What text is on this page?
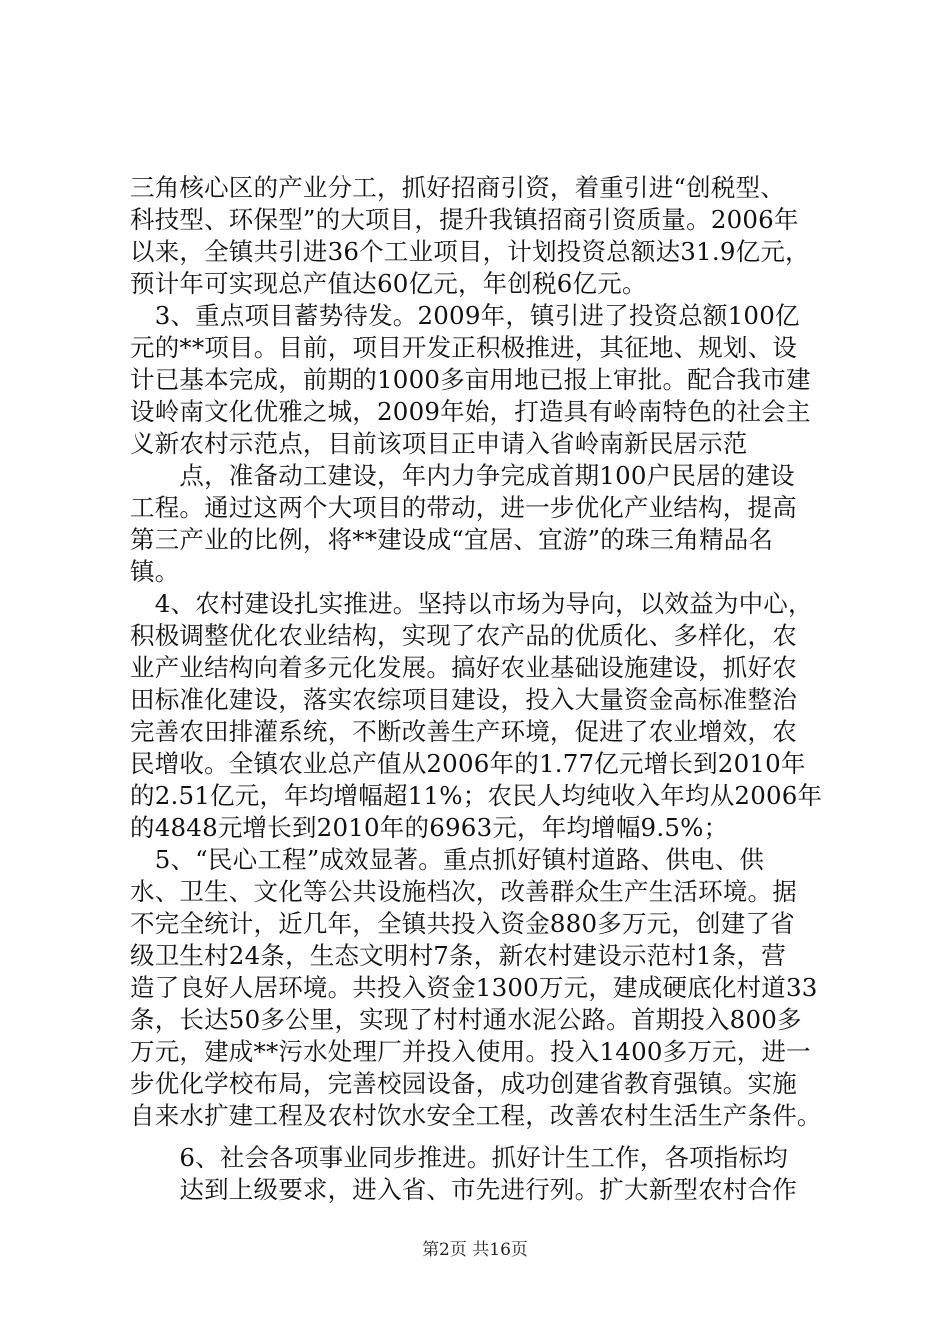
三角核心区的产业分工，抓好招商引资，着重引进“创税型、
科技型、环保型”的大项目，提升我镇招商引资质量。2006年
以来，全镇共引进36个工业项目，计划投资总额达31.9亿元，
预计年可实现总产值达60亿元，年创税6亿元。
　3、重点项目蓄势待发。2009年，镇引进了投资总额100亿
元的**项目。目前，项目开发正积极推进，其征地、规划、设
计已基本完成，前期的1000多亩用地已报上审批。配合我市建
设岭南文化优雅之城，2009年始，打造具有岭南特色的社会主
义新农村示范点，目前该项目正申请入省岭南新民居示范
　　点，准备动工建设，年内力争完成首期100户民居的建设
工程。通过这两个大项目的带动，进一步优化产业结构，提高
第三产业的比例，将**建设成“宜居、宜游”的珠三角精品名
镇。
　4、农村建设扎实推进。坚持以市场为导向，以效益为中心，
积极调整优化农业结构，实现了农产品的优质化、多样化，农
业产业结构向着多元化发展。搞好农业基础设施建设，抓好农
田标准化建设，落实农综项目建设，投入大量资金高标准整治
完善农田排灌系统，不断改善生产环境，促进了农业增效，农
民增收。全镇农业总产值从2006年的1.77亿元增长到2010年
的2.51亿元，年均增幅超11%；农民人均纯收入年均从2006年
的4848元增长到2010年的6963元，年均增幅9.5%；
　5、“民心工程”成效显著。重点抓好镇村道路、供电、供
水、卫生、文化等公共设施档次，改善群众生产生活环境。据
不完全统计，近几年，全镇共投入资金880多万元，创建了省
级卫生村24条，生态文明村7条，新农村建设示范村1条，营
造了良好人居环境。共投入资金1300万元，建成硬底化村道33
条，长达50多公里，实现了村村通水泥公路。首期投入800多
万元，建成**污水处理厂并投入使用。投入1400多万元，进一
步优化学校布局，完善校园设备，成功创建省教育强镇。实施
自来水扩建工程及农村饮水安全工程，改善农村生活生产条件。
　　6、社会各项事业同步推进。抓好计生工作，各项指标均
　　达到上级要求，进入省、市先进行列。扩大新型农村合作
第2页 共16页
